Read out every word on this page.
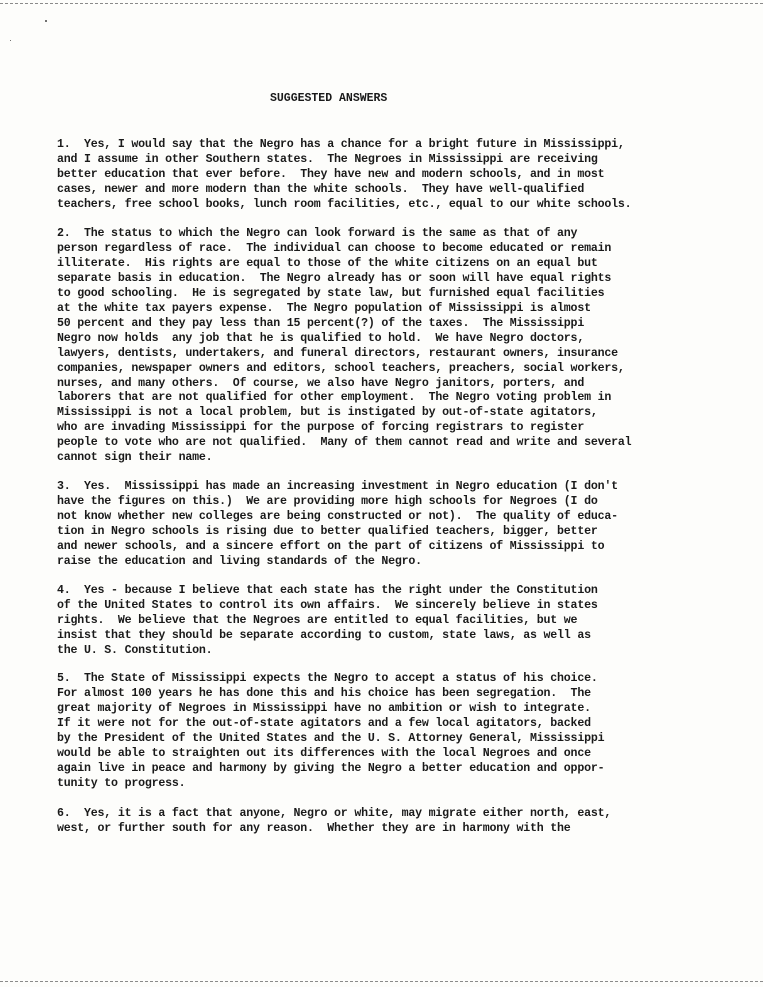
SUGGESTED ANSWERS
1.  Yes, I would say that the Negro has a chance for a bright future in Mississippi,
and I assume in other Southern states.  The Negroes in Mississippi are receiving
better education that ever before.  They have new and modern schools, and in most
cases, newer and more modern than the white schools.  They have well-qualified
teachers, free school books, lunch room facilities, etc., equal to our white schools.
2.  The status to which the Negro can look forward is the same as that of any
person regardless of race.  The individual can choose to become educated or remain
illiterate.  His rights are equal to those of the white citizens on an equal but
separate basis in education.  The Negro already has or soon will have equal rights
to good schooling.  He is segregated by state law, but furnished equal facilities
at the white tax payers expense.  The Negro population of Mississippi is almost
50 percent and they pay less than 15 percent(?) of the taxes.  The Mississippi
Negro now holds  any job that he is qualified to hold.  We have Negro doctors,
lawyers, dentists, undertakers, and funeral directors, restaurant owners, insurance
companies, newspaper owners and editors, school teachers, preachers, social workers,
nurses, and many others.  Of course, we also have Negro janitors, porters, and
laborers that are not qualified for other employment.  The Negro voting problem in
Mississippi is not a local problem, but is instigated by out-of-state agitators,
who are invading Mississippi for the purpose of forcing registrars to register
people to vote who are not qualified.  Many of them cannot read and write and several
cannot sign their name.
3.  Yes.  Mississippi has made an increasing investment in Negro education (I don't
have the figures on this.)  We are providing more high schools for Negroes (I do
not know whether new colleges are being constructed or not).  The quality of educa-
tion in Negro schools is rising due to better qualified teachers, bigger, better
and newer schools, and a sincere effort on the part of citizens of Mississippi to
raise the education and living standards of the Negro.
4.  Yes - because I believe that each state has the right under the Constitution
of the United States to control its own affairs.  We sincerely believe in states
rights.  We believe that the Negroes are entitled to equal facilities, but we
insist that they should be separate according to custom, state laws, as well as
the U. S. Constitution.
5.  The State of Mississippi expects the Negro to accept a status of his choice.
For almost 100 years he has done this and his choice has been segregation.  The
great majority of Negroes in Mississippi have no ambition or wish to integrate.
If it were not for the out-of-state agitators and a few local agitators, backed
by the President of the United States and the U. S. Attorney General, Mississippi
would be able to straighten out its differences with the local Negroes and once
again live in peace and harmony by giving the Negro a better education and oppor-
tunity to progress.
6.  Yes, it is a fact that anyone, Negro or white, may migrate either north, east,
west, or further south for any reason.  Whether they are in harmony with the
